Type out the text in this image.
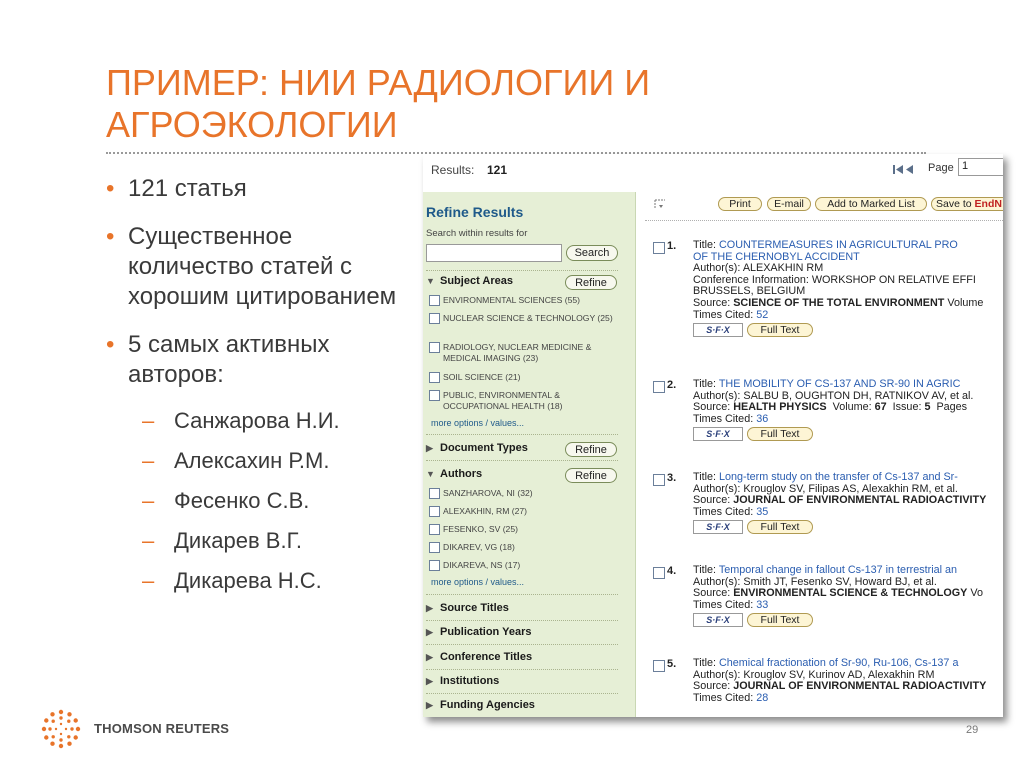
ПРИМЕР: НИИ РАДИОЛОГИИ И АГРОЭКОЛОГИИ
• 121 статья
• Существенное количество статей с хорошим цитированием
• 5 самых активных авторов:
– Санжарова Н.И.
– Алексахин Р.М.
– Фесенко С.В.
– Дикарев В.Г.
– Дикарева Н.С.
Results: 121	Page 1
Refine Results
Search within results for
Search
▼ Subject Areas	Refine
ENVIRONMENTAL SCIENCES (55)
NUCLEAR SCIENCE & TECHNOLOGY (25)
RADIOLOGY, NUCLEAR MEDICINE & MEDICAL IMAGING (23)
SOIL SCIENCE (21)
PUBLIC, ENVIRONMENTAL & OCCUPATIONAL HEALTH (18)
more options / values...
▶ Document Types	Refine
▼ Authors	Refine
SANZHAROVA, NI (32)
ALEXAKHIN, RM (27)
FESENKO, SV (25)
DIKAREV, VG (18)
DIKAREVA, NS (17)
more options / values...
▶ Source Titles
▶ Publication Years
▶ Conference Titles
▶ Institutions
▶ Funding Agencies
Print	E-mail	Add to Marked List	Save to EndN
1. Title: COUNTERMEASURES IN AGRICULTURAL PRO
OF THE CHERNOBYL ACCIDENT
Author(s): ALEXAKHIN RM
Conference Information: WORKSHOP ON RELATIVE EFFI
BRUSSELS, BELGIUM
Source: SCIENCE OF THE TOTAL ENVIRONMENT Volume
Times Cited: 52
S·F·X	Full Text
2. Title: THE MOBILITY OF CS-137 AND SR-90 IN AGRIC
Author(s): SALBU B, OUGHTON DH, RATNIKOV AV, et al.
Source: HEALTH PHYSICS Volume: 67 Issue: 5 Pages
Times Cited: 36
S·F·X	Full Text
3. Title: Long-term study on the transfer of Cs-137 and Sr-
Author(s): Krouglov SV, Filipas AS, Alexakhin RM, et al.
Source: JOURNAL OF ENVIRONMENTAL RADIOACTIVITY
Times Cited: 35
S·F·X	Full Text
4. Title: Temporal change in fallout Cs-137 in terrestrial an
Author(s): Smith JT, Fesenko SV, Howard BJ, et al.
Source: ENVIRONMENTAL SCIENCE & TECHNOLOGY Vo
Times Cited: 33
S·F·X	Full Text
5. Title: Chemical fractionation of Sr-90, Ru-106, Cs-137 a
Author(s): Krouglov SV, Kurinov AD, Alexakhin RM
Source: JOURNAL OF ENVIRONMENTAL RADIOACTIVITY
Times Cited: 28
THOMSON REUTERS	29
